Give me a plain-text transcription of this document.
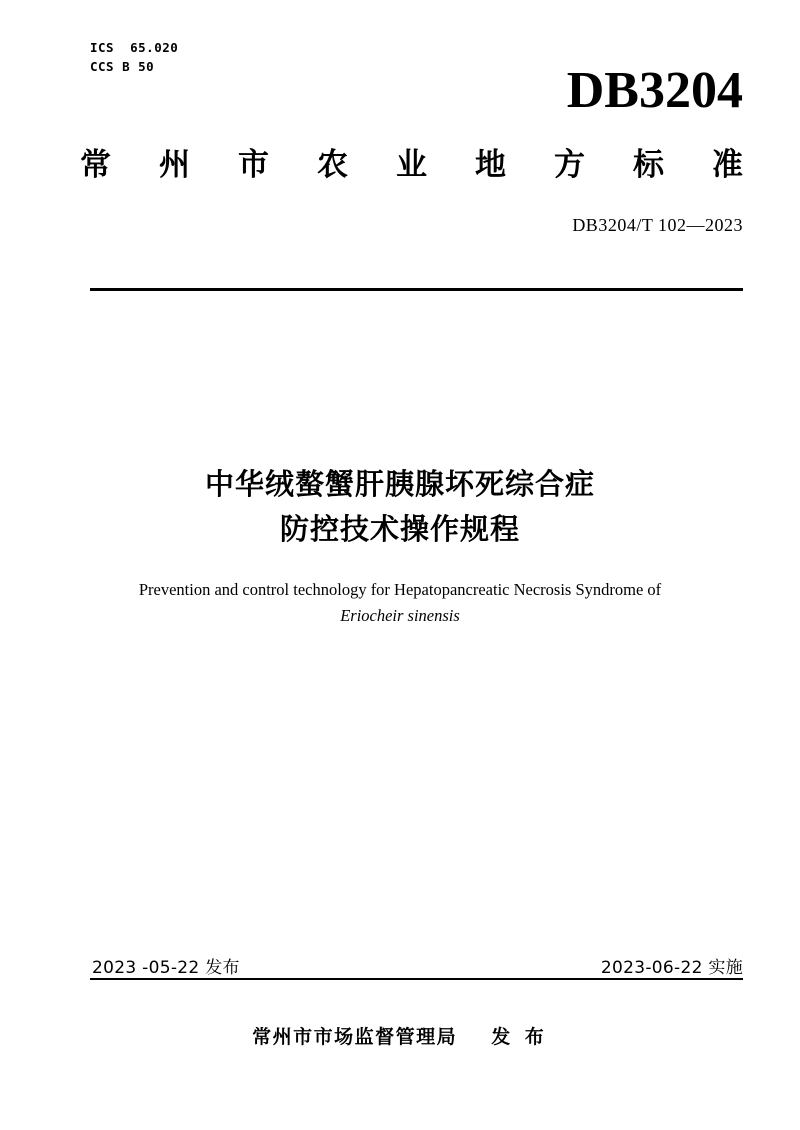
ICS  65.020
CCS B 50	DB3204
常 州 市 农 业 地 方 标 准
DB3204/T 102—2023
中华绒螯蟹肝胰腺坏死综合症
防控技术操作规程
Prevention and control technology for Hepatopancreatic Necrosis Syndrome of
Eriocheir sinensis
2023 -05-22 发布	2023-06-22 实施
常州市市场监督管理局 发 布
